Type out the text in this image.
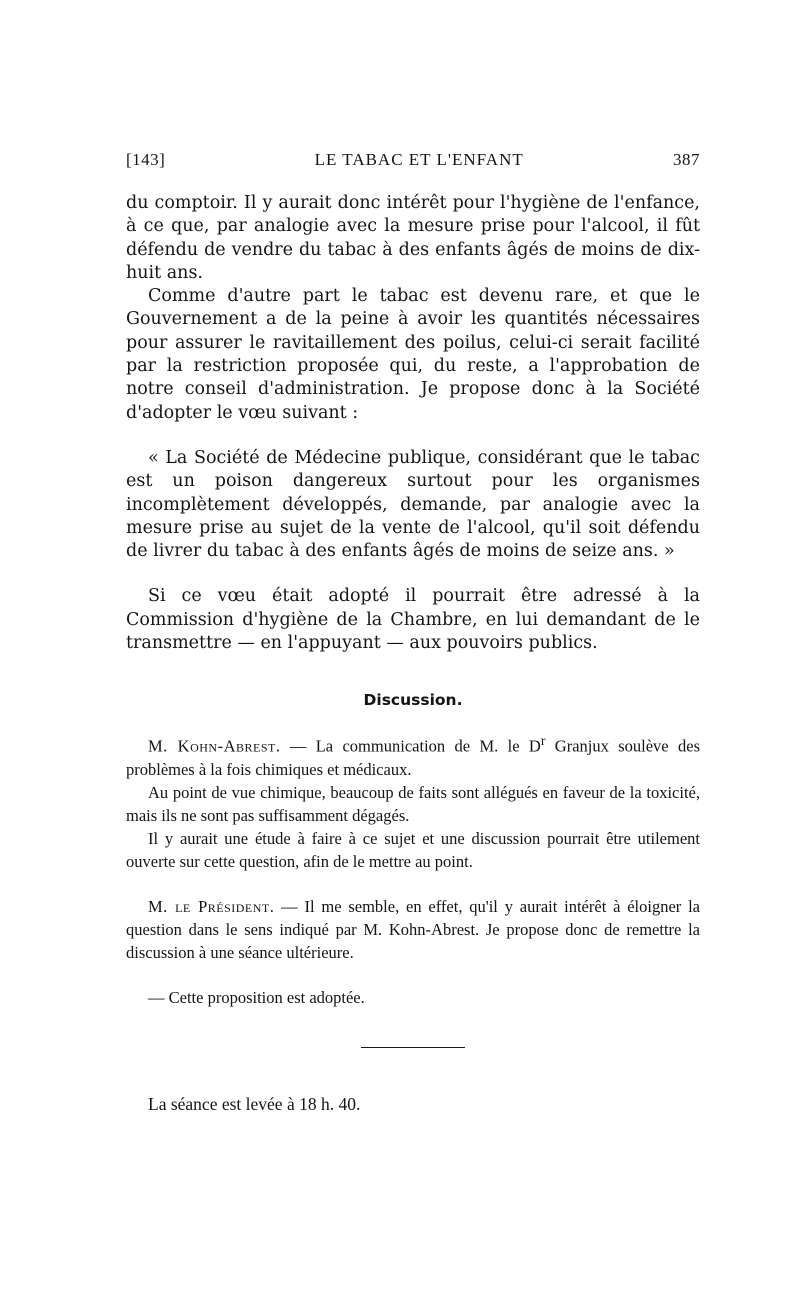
[143]	LE TABAC ET L'ENFANT	387

du comptoir. Il y aurait donc intérêt pour l'hygiène de l'enfance, à ce que, par analogie avec la mesure prise pour l'alcool, il fût défendu de vendre du tabac à des enfants âgés de moins de dix-huit ans.

Comme d'autre part le tabac est devenu rare, et que le Gouvernement a de la peine à avoir les quantités nécessaires pour assurer le ravitaillement des poilus, celui-ci serait facilité par la restriction proposée qui, du reste, a l'approbation de notre conseil d'administration. Je propose donc à la Société d'adopter le vœu suivant :

« La Société de Médecine publique, considérant que le tabac est un poison dangereux surtout pour les organismes incomplètement développés, demande, par analogie avec la mesure prise au sujet de la vente de l'alcool, qu'il soit défendu de livrer du tabac à des enfants âgés de moins de seize ans. »

Si ce vœu était adopté il pourrait être adressé à la Commission d'hygiène de la Chambre, en lui demandant de le transmettre — en l'appuyant — aux pouvoirs publics.

Discussion.

M. Kohn-Abrest. — La communication de M. le $D^r$ Granjux soulève des problèmes à la fois chimiques et médicaux.

Au point de vue chimique, beaucoup de faits sont allégués en faveur de la toxicité, mais ils ne sont pas suffisamment dégagés.

Il y aurait une étude à faire à ce sujet et une discussion pourrait être utilement ouverte sur cette question, afin de le mettre au point.

M. le Président. — Il me semble, en effet, qu'il y aurait intérêt à éloigner la question dans le sens indiqué par M. Kohn-Abrest. Je propose donc de remettre la discussion à une séance ultérieure.

— Cette proposition est adoptée.

La séance est levée à 18 h. 40.
